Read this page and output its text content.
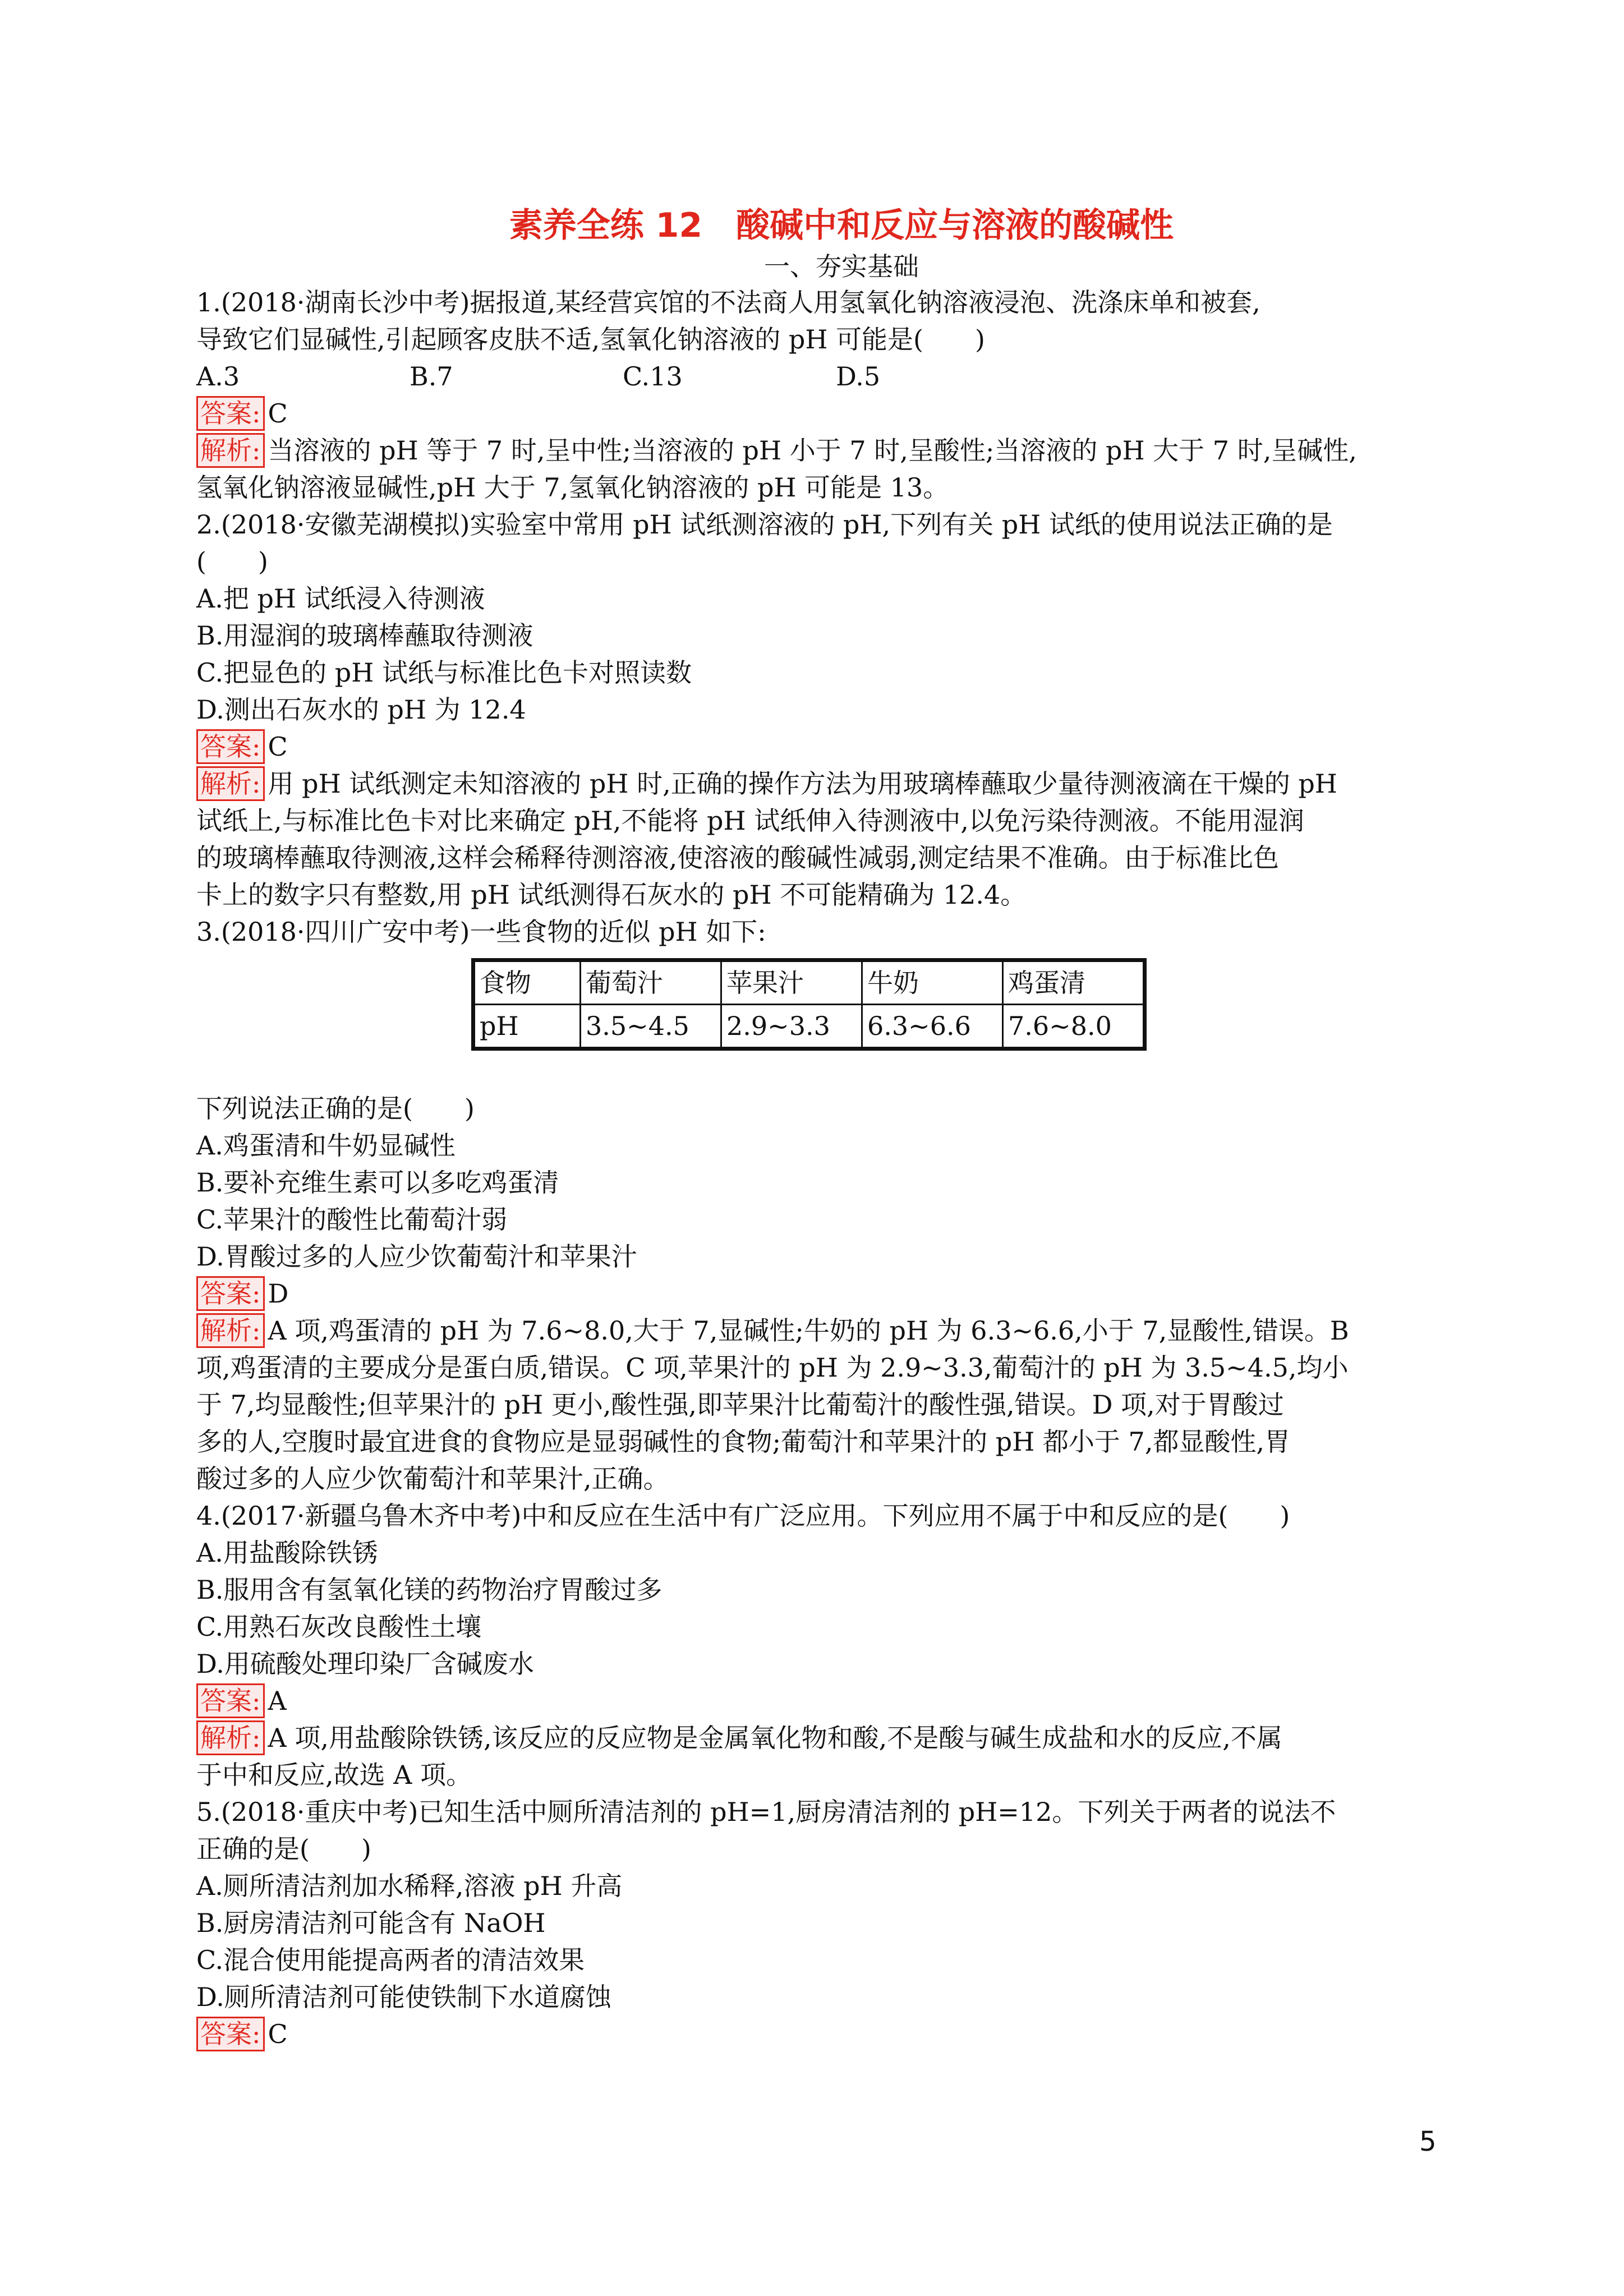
素养全练 12　酸碱中和反应与溶液的酸碱性
一、夯实基础
1.(2018·湖南长沙中考)据报道,某经营宾馆的不法商人用氢氧化钠溶液浸泡、洗涤床单和被套,
导致它们显碱性,引起顾客皮肤不适,氢氧化钠溶液的 pH 可能是(　　)
A.3	B.7	C.13	D.5
答案: C
解析: 当溶液的 pH 等于 7 时,呈中性;当溶液的 pH 小于 7 时,呈酸性;当溶液的 pH 大于 7 时,呈碱性,
氢氧化钠溶液显碱性,pH 大于 7,氢氧化钠溶液的 pH 可能是 13。
2.(2018·安徽芜湖模拟)实验室中常用 pH 试纸测溶液的 pH,下列有关 pH 试纸的使用说法正确的是
(　　)
A.把 pH 试纸浸入待测液
B.用湿润的玻璃棒蘸取待测液
C.把显色的 pH 试纸与标准比色卡对照读数
D.测出石灰水的 pH 为 12.4
答案: C
解析: 用 pH 试纸测定未知溶液的 pH 时,正确的操作方法为用玻璃棒蘸取少量待测液滴在干燥的 pH
试纸上,与标准比色卡对比来确定 pH,不能将 pH 试纸伸入待测液中,以免污染待测液。不能用湿润
的玻璃棒蘸取待测液,这样会稀释待测溶液,使溶液的酸碱性减弱,测定结果不准确。由于标准比色
卡上的数字只有整数,用 pH 试纸测得石灰水的 pH 不可能精确为 12.4。
3.(2018·四川广安中考)一些食物的近似 pH 如下:
食物	葡萄汁	苹果汁	牛奶	鸡蛋清
pH	3.5~4.5	2.9~3.3	6.3~6.6	7.6~8.0
下列说法正确的是(　　)
A.鸡蛋清和牛奶显碱性
B.要补充维生素可以多吃鸡蛋清
C.苹果汁的酸性比葡萄汁弱
D.胃酸过多的人应少饮葡萄汁和苹果汁
答案: D
解析: A 项,鸡蛋清的 pH 为 7.6~8.0,大于 7,显碱性;牛奶的 pH 为 6.3~6.6,小于 7,显酸性,错误。B
项,鸡蛋清的主要成分是蛋白质,错误。C 项,苹果汁的 pH 为 2.9~3.3,葡萄汁的 pH 为 3.5~4.5,均小
于 7,均显酸性;但苹果汁的 pH 更小,酸性强,即苹果汁比葡萄汁的酸性强,错误。D 项,对于胃酸过
多的人,空腹时最宜进食的食物应是显弱碱性的食物;葡萄汁和苹果汁的 pH 都小于 7,都显酸性,胃
酸过多的人应少饮葡萄汁和苹果汁,正确。
4.(2017·新疆乌鲁木齐中考)中和反应在生活中有广泛应用。下列应用不属于中和反应的是(　　)
A.用盐酸除铁锈
B.服用含有氢氧化镁的药物治疗胃酸过多
C.用熟石灰改良酸性土壤
D.用硫酸处理印染厂含碱废水
答案: A
解析: A 项,用盐酸除铁锈,该反应的反应物是金属氧化物和酸,不是酸与碱生成盐和水的反应,不属
于中和反应,故选 A 项。
5.(2018·重庆中考)已知生活中厕所清洁剂的 pH=1,厨房清洁剂的 pH=12。下列关于两者的说法不
正确的是(　　)
A.厕所清洁剂加水稀释,溶液 pH 升高
B.厨房清洁剂可能含有 NaOH
C.混合使用能提高两者的清洁效果
D.厕所清洁剂可能使铁制下水道腐蚀
答案: C
5
